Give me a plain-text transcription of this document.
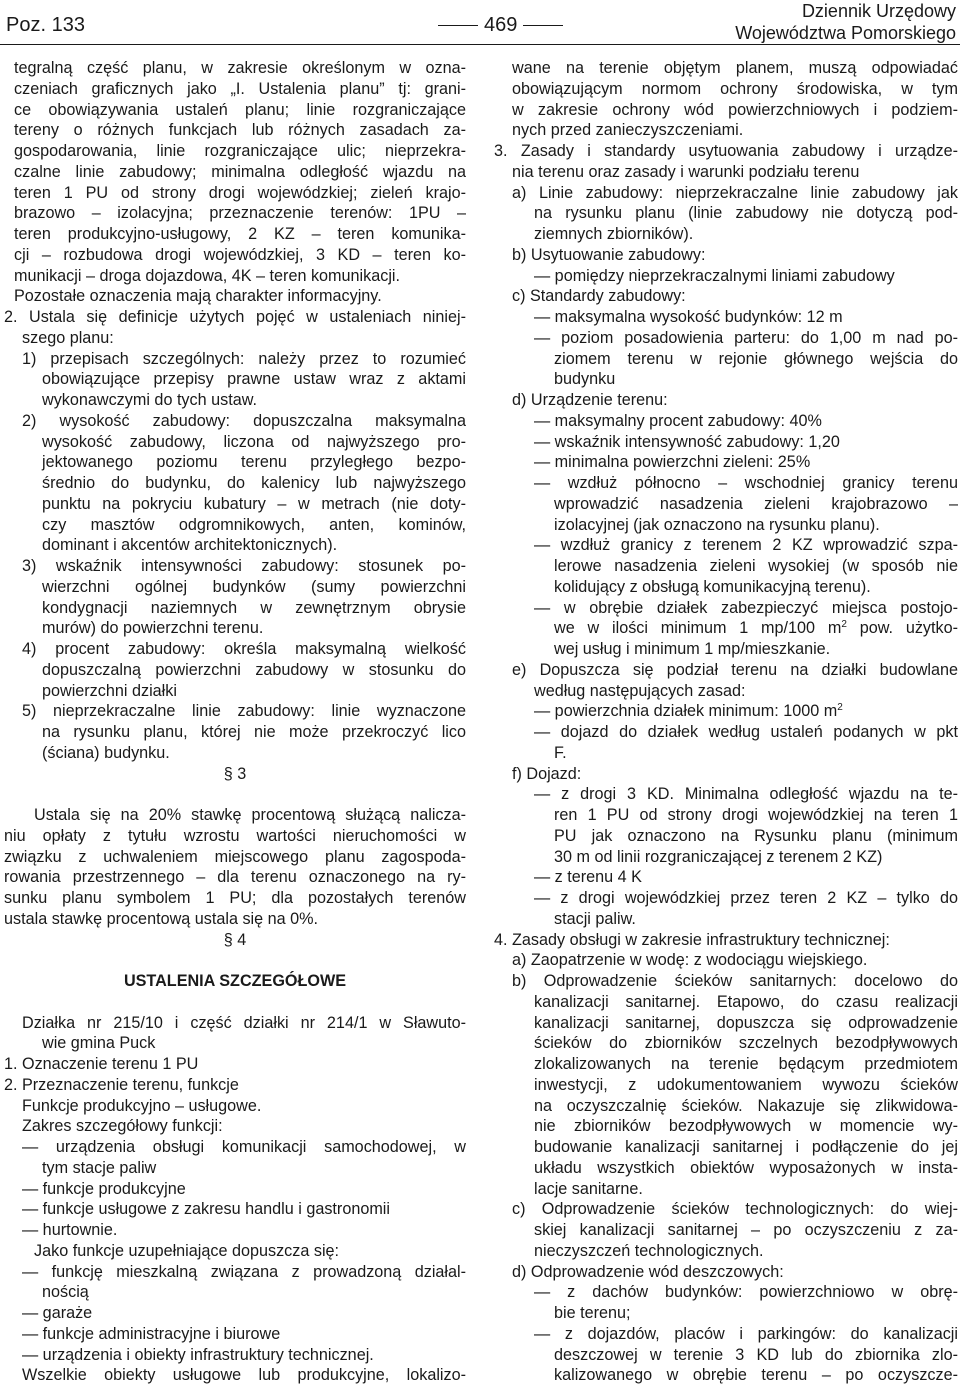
Poz. 133	469
Dziennik Urzędowy
Województwa Pomorskiego
tegralną część planu, w zakresie określonym w ozna-
czeniach graficznych jako „I. Ustalenia planu” tj: grani-
ce obowiązywania ustaleń planu; linie rozgraniczające
tereny o różnych funkcjach lub różnych zasadach za-
gospodarowania, linie rozgraniczające ulic; nieprzekra-
czalne linie zabudowy; minimalna odległość wjazdu na
teren 1 PU od strony drogi wojewódzkiej; zieleń krajo-
brazowo – izolacyjna; przeznaczenie terenów: 1PU –
teren produkcyjno-usługowy, 2 KZ – teren komunika-
cji – rozbudowa drogi wojewódzkiej, 3 KD – teren ko-
munikacji – droga dojazdowa, 4K – teren komunikacji.
Pozostałe oznaczenia mają charakter informacyjny.
2. Ustala się definicje użytych pojęć w ustaleniach niniej-
szego planu:
1) przepisach szczególnych: należy przez to rozumieć
obowiązujące przepisy prawne ustaw wraz z aktami
wykonawczymi do tych ustaw.
2) wysokość zabudowy: dopuszczalna maksymalna
wysokość zabudowy, liczona od najwyższego pro-
jektowanego poziomu terenu przyległego bezpo-
średnio do budynku, do kalenicy lub najwyższego
punktu na pokryciu kubatury – w metrach (nie doty-
czy masztów odgromnikowych, anten, kominów,
dominant i akcentów architektonicznych).
3) wskaźnik intensywności zabudowy: stosunek po-
wierzchni ogólnej budynków (sumy powierzchni
kondygnacji naziemnych w zewnętrznym obrysie
murów) do powierzchni terenu.
4) procent zabudowy: określa maksymalną wielkość
dopuszczalną powierzchni zabudowy w stosunku do
powierzchni działki
5) nieprzekraczalne linie zabudowy: linie wyznaczone
na rysunku planu, której nie może przekroczyć lico
(ściana) budynku.
§ 3
Ustala się na 20% stawkę procentową służącą nalicza-
niu opłaty z tytułu wzrostu wartości nieruchomości w
związku z uchwaleniem miejscowego planu zagospoda-
rowania przestrzennego – dla terenu oznaczonego na ry-
sunku planu symbolem 1 PU; dla pozostałych terenów
ustala stawkę procentową ustala się na 0%.
§ 4
USTALENIA SZCZEGÓŁOWE
Działka nr 215/10 i część działki nr 214/1 w Sławuto-
wie gmina Puck
1. Oznaczenie terenu 1 PU
2. Przeznaczenie terenu, funkcje
Funkcje produkcyjno – usługowe.
Zakres szczegółowy funkcji:
— urządzenia obsługi komunikacji samochodowej, w
tym stacje paliw
— funkcje produkcyjne
— funkcje usługowe z zakresu handlu i gastronomii
— hurtownie.
Jako funkcje uzupełniające dopuszcza się:
— funkcję mieszkalną związana z prowadzoną działal-
nością
— garaże
— funkcje administracyjne i biurowe
— urządzenia i obiekty infrastruktury technicznej.
Wszelkie obiekty usługowe lub produkcyjne, lokalizo-
wane na terenie objętym planem, muszą odpowiadać
obowiązującym normom ochrony środowiska, w tym
w zakresie ochrony wód powierzchniowych i podziem-
nych przed zanieczyszczeniami.
3. Zasady i standardy usytuowania zabudowy i urządze-
nia terenu oraz zasady i warunki podziału terenu
a) Linie zabudowy: nieprzekraczalne linie zabudowy jak
na rysunku planu (linie zabudowy nie dotyczą pod-
ziemnych zbiorników).
b) Usytuowanie zabudowy:
— pomiędzy nieprzekraczalnymi liniami zabudowy
c) Standardy zabudowy:
— maksymalna wysokość budynków: 12 m
— poziom posadowienia parteru: do 1,00 m nad po-
ziomem terenu w rejonie głównego wejścia do
budynku
d) Urządzenie terenu:
— maksymalny procent zabudowy: 40%
— wskaźnik intensywność zabudowy: 1,20
— minimalna powierzchni zieleni: 25%
— wzdłuż północno – wschodniej granicy terenu
wprowadzić nasadzenia zieleni krajobrazowo –
izolacyjnej (jak oznaczono na rysunku planu).
— wzdłuż granicy z terenem 2 KZ wprowadzić szpa-
lerowe nasadzenia zieleni wysokiej (w sposób nie
kolidujący z obsługą komunikacyjną terenu).
— w obrębie działek zabezpieczyć miejsca postojo-
we w ilości minimum 1 mp/100 $m^2$ pow. użytko-
wej usług i minimum 1 mp/mieszkanie.
e) Dopuszcza się podział terenu na działki budowlane
według następujących zasad:
— powierzchnia działek minimum: 1000 $m^2$
— dojazd do działek według ustaleń podanych w pkt
F.
f) Dojazd:
— z drogi 3 KD. Minimalna odległość wjazdu na te-
ren 1 PU od strony drogi wojewódzkiej na teren 1
PU jak oznaczono na Rysunku planu (minimum
30 m od linii rozgraniczającej z terenem 2 KZ)
— z terenu 4 K
— z drogi wojewódzkiej przez teren 2 KZ – tylko do
stacji paliw.
4. Zasady obsługi w zakresie infrastruktury technicznej:
a) Zaopatrzenie w wodę: z wodociągu wiejskiego.
b) Odprowadzenie ścieków sanitarnych: docelowo do
kanalizacji sanitarnej. Etapowo, do czasu realizacji
kanalizacji sanitarnej, dopuszcza się odprowadzenie
ścieków do zbiorników szczelnych bezodpływowych
zlokalizowanych na terenie będącym przedmiotem
inwestycji, z udokumentowaniem wywozu ścieków
na oczyszczalnię ścieków. Nakazuje się zlikwidowa-
nie zbiorników bezodpływowych w momencie wy-
budowanie kanalizacji sanitarnej i podłączenie do jej
układu wszystkich obiektów wyposażonych w insta-
lacje sanitarne.
c) Odprowadzenie ścieków technologicznych: do wiej-
skiej kanalizacji sanitarnej – po oczyszczeniu z za-
nieczyszczeń technologicznych.
d) Odprowadzenie wód deszczowych:
— z dachów budynków: powierzchniowo w obrę-
bie terenu;
— z dojazdów, placów i parkingów: do kanalizacji
deszczowej w terenie 3 KD lub do zbiornika zlo-
kalizowanego w obrębie terenu – po oczyszcze-
